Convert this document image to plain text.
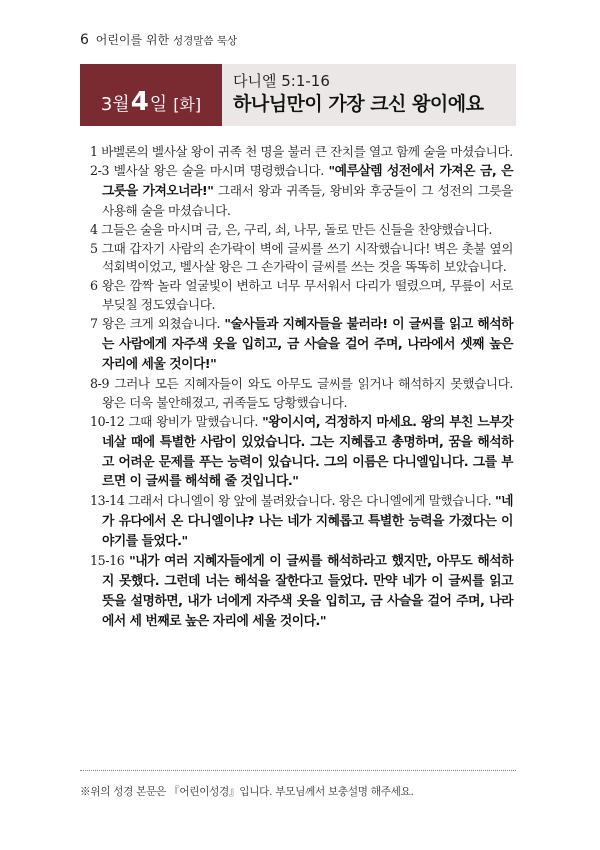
6 어린이를 위한 성경말씀 묵상
3월 4 일 [화]
다니엘 5:1-16
하나님만이 가장 크신 왕이에요

1 바벨론의 벨사살 왕이 귀족 천 명을 불러 큰 잔치를 열고 함께 술을 마셨습니다.

2-3 벨사살 왕은 술을 마시며 명령했습니다. "예루살렘 성전에서 가져온 금, 은 그릇을 가져오너라!" 그래서 왕과 귀족들, 왕비와 후궁들이 그 성전의 그릇을 사용해 술을 마셨습니다.

4 그들은 술을 마시며 금, 은, 구리, 쇠, 나무, 돌로 만든 신들을 찬양했습니다.

5 그때 갑자기 사람의 손가락이 벽에 글씨를 쓰기 시작했습니다! 벽은 촛불 옆의 석회벽이었고, 벨사살 왕은 그 손가락이 글씨를 쓰는 것을 똑똑히 보았습니다.

6 왕은 깜짝 놀라 얼굴빛이 변하고 너무 무서워서 다리가 떨렸으며, 무릎이 서로 부딪칠 정도였습니다.

7 왕은 크게 외쳤습니다. "술사들과 지혜자들을 불러라! 이 글씨를 읽고 해석하는 사람에게 자주색 옷을 입히고, 금 사슬을 걸어 주며, 나라에서 셋째 높은 자리에 세울 것이다!"

8-9 그러나 모든 지혜자들이 와도 아무도 글씨를 읽거나 해석하지 못했습니다. 왕은 더욱 불안해졌고, 귀족들도 당황했습니다.

10-12 그때 왕비가 말했습니다. "왕이시여, 걱정하지 마세요. 왕의 부친 느부갓네살 때에 특별한 사람이 있었습니다. 그는 지혜롭고 총명하며, 꿈을 해석하고 어려운 문제를 푸는 능력이 있습니다. 그의 이름은 다니엘입니다. 그를 부르면 이 글씨를 해석해 줄 것입니다."

13-14 그래서 다니엘이 왕 앞에 불려왔습니다. 왕은 다니엘에게 말했습니다. "네가 유다에서 온 다니엘이냐? 나는 네가 지혜롭고 특별한 능력을 가졌다는 이야기를 들었다."

15-16 "내가 여러 지혜자들에게 이 글씨를 해석하라고 했지만, 아무도 해석하지 못했다. 그런데 너는 해석을 잘한다고 들었다. 만약 네가 이 글씨를 읽고 뜻을 설명하면, 내가 너에게 자주색 옷을 입히고, 금 사슬을 걸어 주며, 나라에서 세 번째로 높은 자리에 세울 것이다."

※위의 성경 본문은 『어린이성경』입니다. 부모님께서 보충설명 해주세요.
